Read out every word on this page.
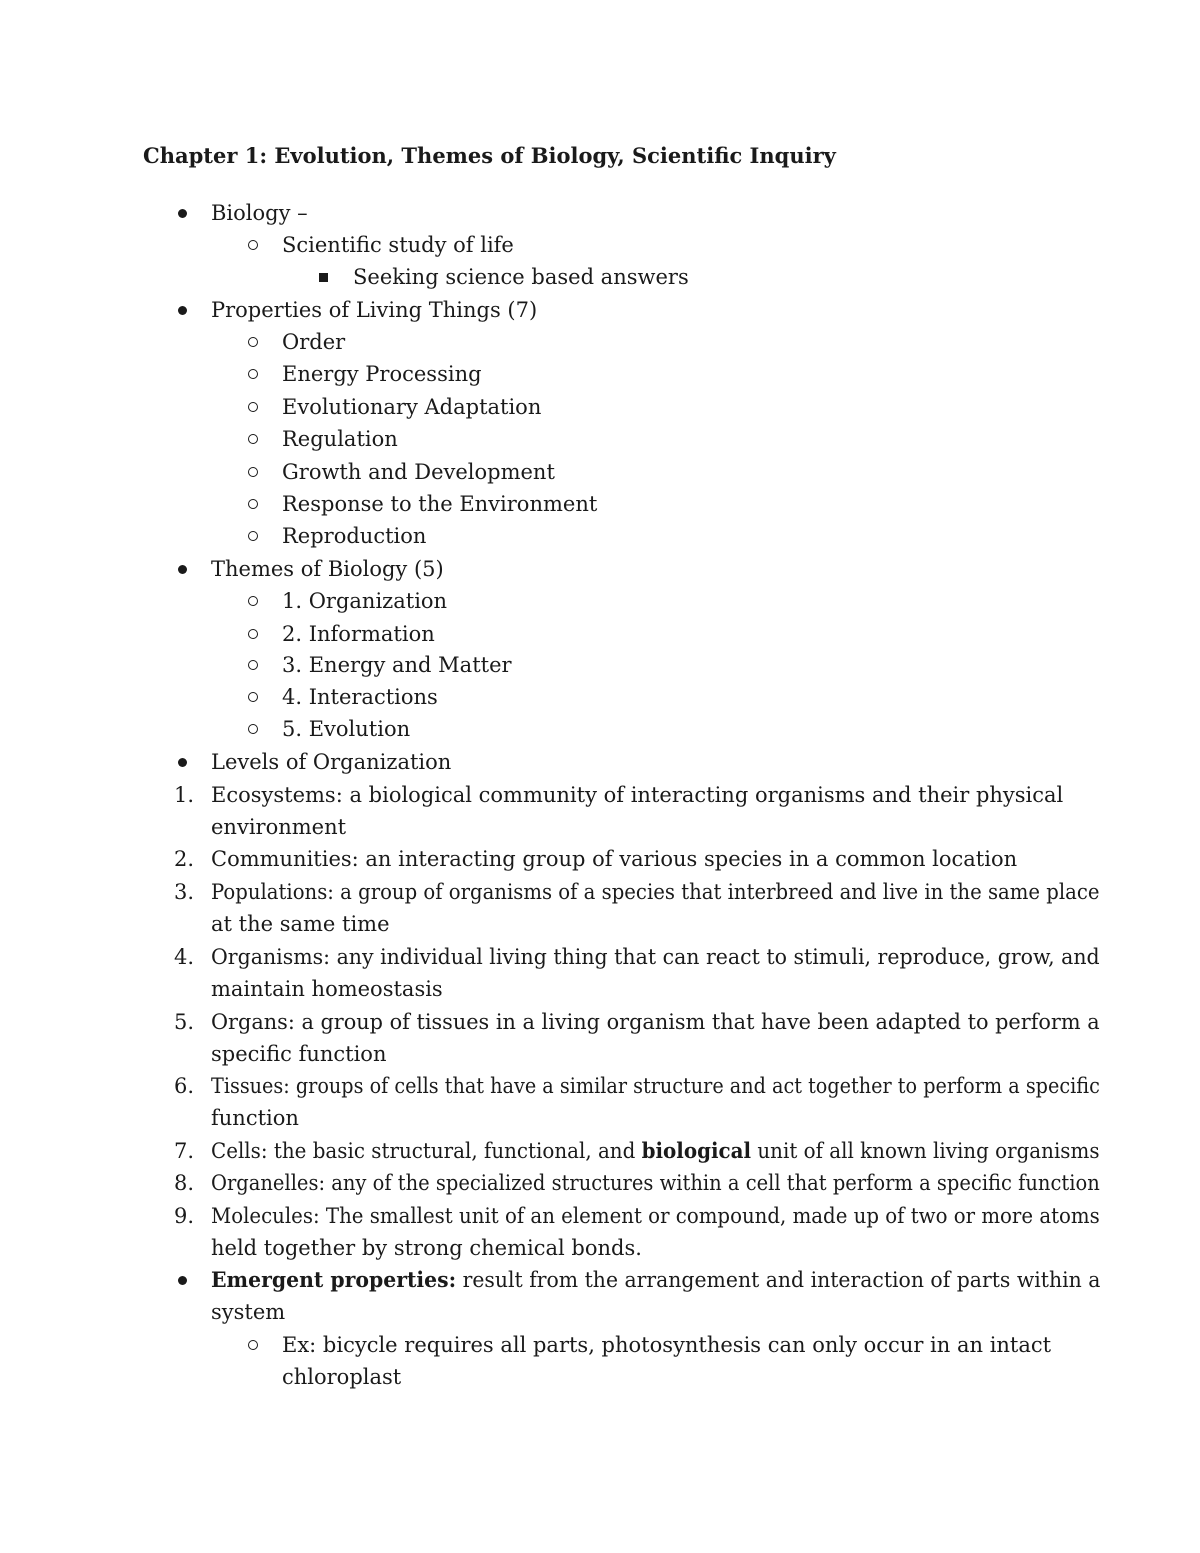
Chapter 1: Evolution, Themes of Biology, Scientific Inquiry
Biology –
Scientific study of life
Seeking science based answers
Properties of Living Things (7)
Order
Energy Processing
Evolutionary Adaptation
Regulation
Growth and Development
Response to the Environment
Reproduction
Themes of Biology (5)
1. Organization
2. Information
3. Energy and Matter
4. Interactions
5. Evolution
Levels of Organization
1. Ecosystems: a biological community of interacting organisms and their physical
environment
2. Communities: an interacting group of various species in a common location
3. Populations: a group of organisms of a species that interbreed and live in the same place
at the same time
4. Organisms: any individual living thing that can react to stimuli, reproduce, grow, and
maintain homeostasis
5. Organs: a group of tissues in a living organism that have been adapted to perform a
specific function
6. Tissues: groups of cells that have a similar structure and act together to perform a specific
function
7. Cells: the basic structural, functional, and biological unit of all known living organisms
8. Organelles: any of the specialized structures within a cell that perform a specific function
9. Molecules: The smallest unit of an element or compound, made up of two or more atoms
held together by strong chemical bonds.
Emergent properties: result from the arrangement and interaction of parts within a
system
Ex: bicycle requires all parts, photosynthesis can only occur in an intact
chloroplast
